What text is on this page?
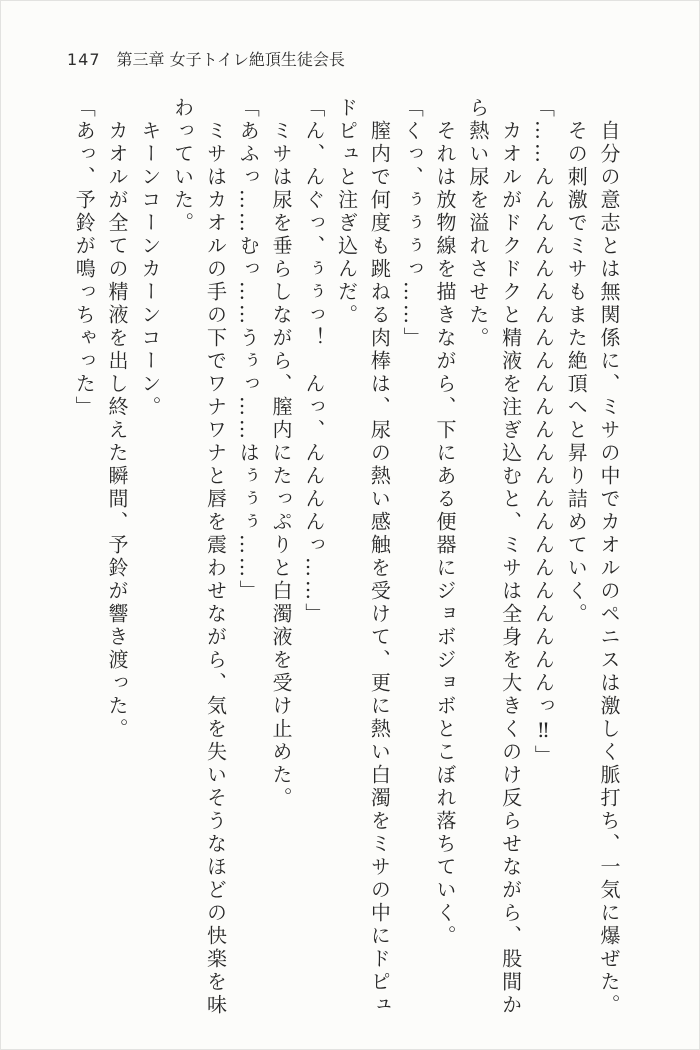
147 第三章 女子トイレ絶頂生徒会長

自分の意志とは無関係に、ミサの中でカオルのペニスは激しく脈打ち、一気に爆ぜた。

その刺激でミサもまた絶頂へと昇り詰めていく。

「……んんんんんんんんんんんんんんんんんんんんんんんっ‼」

カオルがドクドクと精液を注ぎ込むと、ミサは全身を大きくのけ反らせながら、股間から熱い尿を溢れさせた。

それは放物線を描きながら、下にある便器にジョボジョボとこぼれ落ちていく。

「くっ、ぅぅぅっ……」

膣内で何度も跳ねる肉棒は、尿の熱い感触を受けて、更に熱い白濁をミサの中にドピュドピュと注ぎ込んだ。

「ん、んぐっ、ぅぅっ！　んっ、んんんんっ……」

ミサは尿を垂らしながら、膣内にたっぷりと白濁液を受け止めた。

「あふっ……むっ……うぅっ……はぅぅぅ……」

ミサはカオルの手の下でワナワナと唇を震わせながら、気を失いそうなほどの快楽を味わっていた。

キーンコーンカーンコーン。

カオルが全ての精液を出し終えた瞬間、予鈴が響き渡った。

「あっ、予鈴が鳴っちゃった」
